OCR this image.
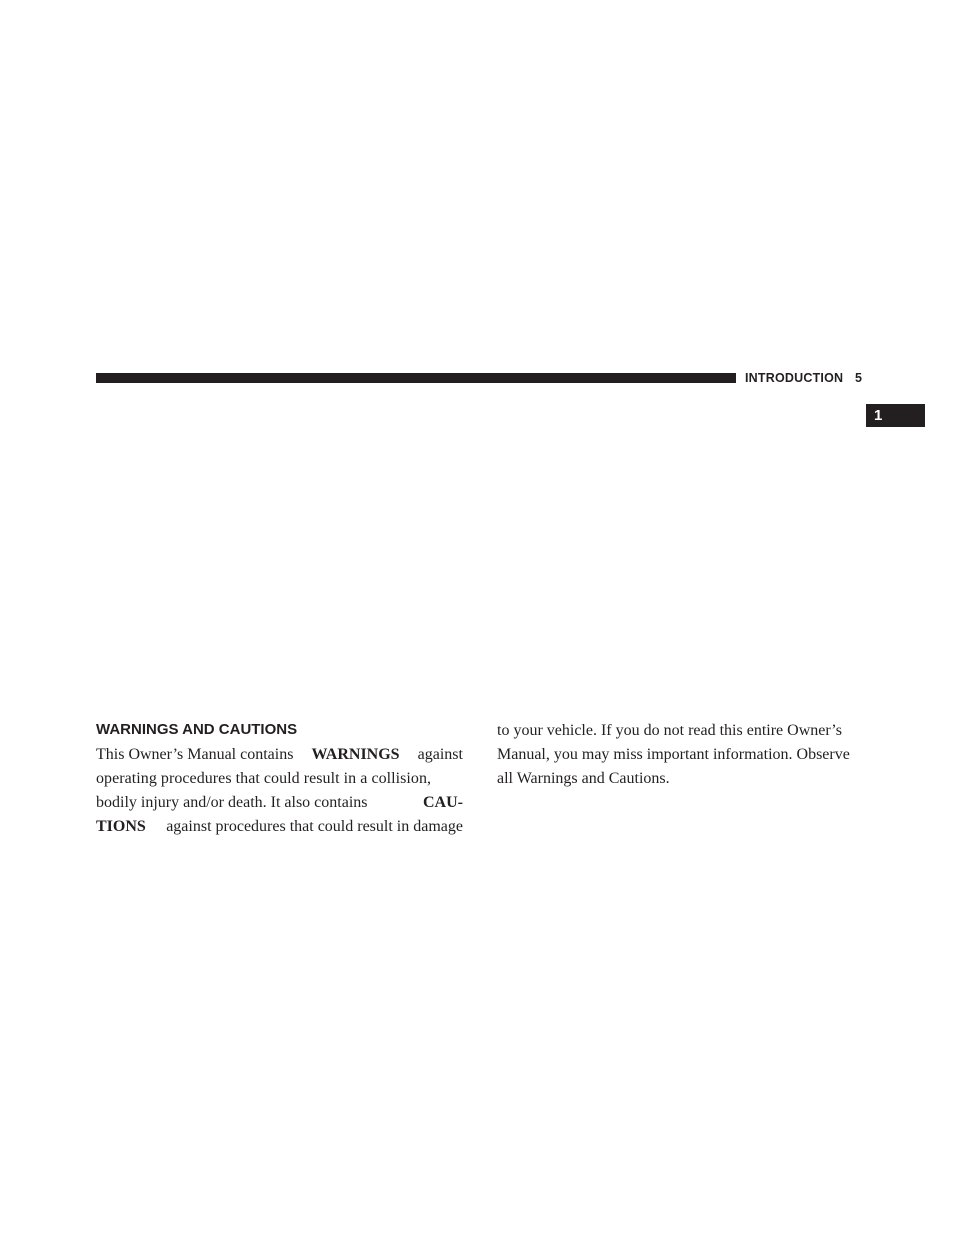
INTRODUCTION 5
1
WARNINGS AND CAUTIONS
This Owner’s Manual contains WARNINGS against
operating procedures that could result in a collision,
bodily injury and/or death. It also contains	CAU-
TIONS against procedures that could result in damage
to your vehicle. If you do not read this entire Owner’s
Manual, you may miss important information. Observe
all Warnings and Cautions.
